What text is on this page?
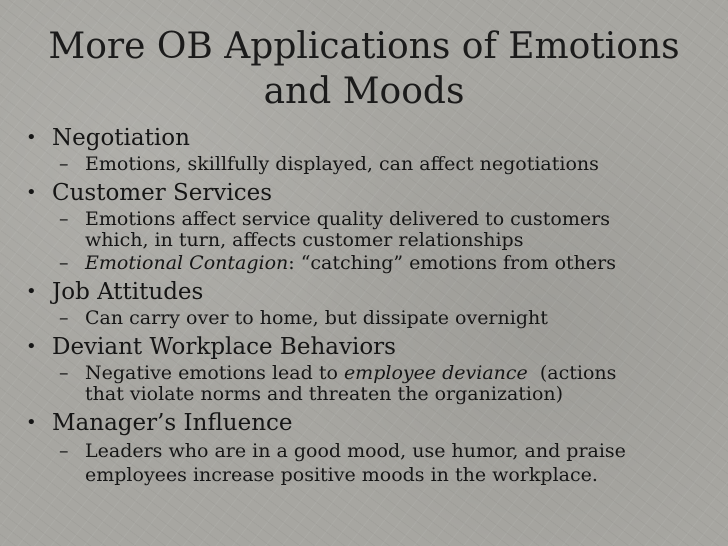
More OB Applications of Emotions
and Moods
• Negotiation
– Emotions, skillfully displayed, can affect negotiations
• Customer Services
– Emotions affect service quality delivered to customers
which, in turn, affects customer relationships
– Emotional Contagion: “catching” emotions from others
• Job Attitudes
– Can carry over to home, but dissipate overnight
• Deviant Workplace Behaviors
– Negative emotions lead to employee deviance  (actions
that violate norms and threaten the organization)
• Manager’s Influence
– Leaders who are in a good mood, use humor, and praise
employees increase positive moods in the workplace.
